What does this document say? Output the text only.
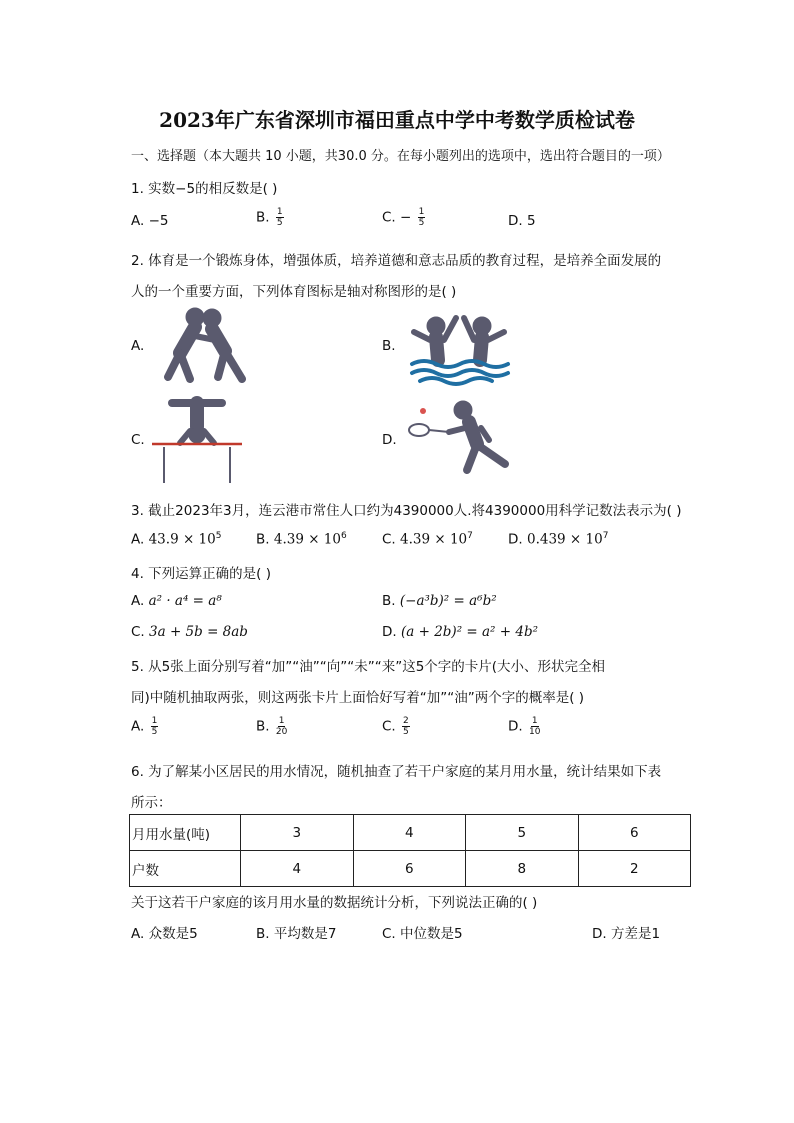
2023年广东省深圳市福田重点中学中考数学质检试卷
一、选择题（本大题共 10 小题，共30.0 分。在每小题列出的选项中，选出符合题目的一项）
1. 实数−5的相反数是( )
A. −5	B. $\frac{1}{5}$	C. − $\frac{1}{5}$	D. 5
2. 体育是一个锻炼身体，增强体质，培养道德和意志品质的教育过程，是培养全面发展的
人的一个重要方面，下列体育图标是轴对称图形的是( )
A.	B.
C.	D.
3. 截止2023年3月，连云港市常住人口约为4390000人.将4390000用科学记数法表示为( )
A. $43.9 \times 10^5$	B. $4.39 \times 10^6$	C. $4.39 \times 10^7$	D. $0.439 \times 10^7$
4. 下列运算正确的是( )
A. a² · a⁴ = a⁸	B. (−a³b)² = a⁶b²
C. 3a + 5b = 8ab	D. (a + 2b)² = a² + 4b²
5. 从5张上面分别写着“加”“油”“向”“未”“来”这5个字的卡片(大小、形状完全相
同)中随机抽取两张，则这两张卡片上面恰好写着“加”“油”两个字的概率是( )
A. $\frac{1}{5}$	B. $\frac{1}{20}$	C. $\frac{2}{5}$	D. $\frac{1}{10}$
6. 为了解某小区居民的用水情况，随机抽查了若干户家庭的某月用水量，统计结果如下表
所示：
月用水量(吨)	3	4	5	6
户数	4	6	8	2
关于这若干户家庭的该月用水量的数据统计分析，下列说法正确的( )
A. 众数是5	B. 平均数是7	C. 中位数是5	D. 方差是1
